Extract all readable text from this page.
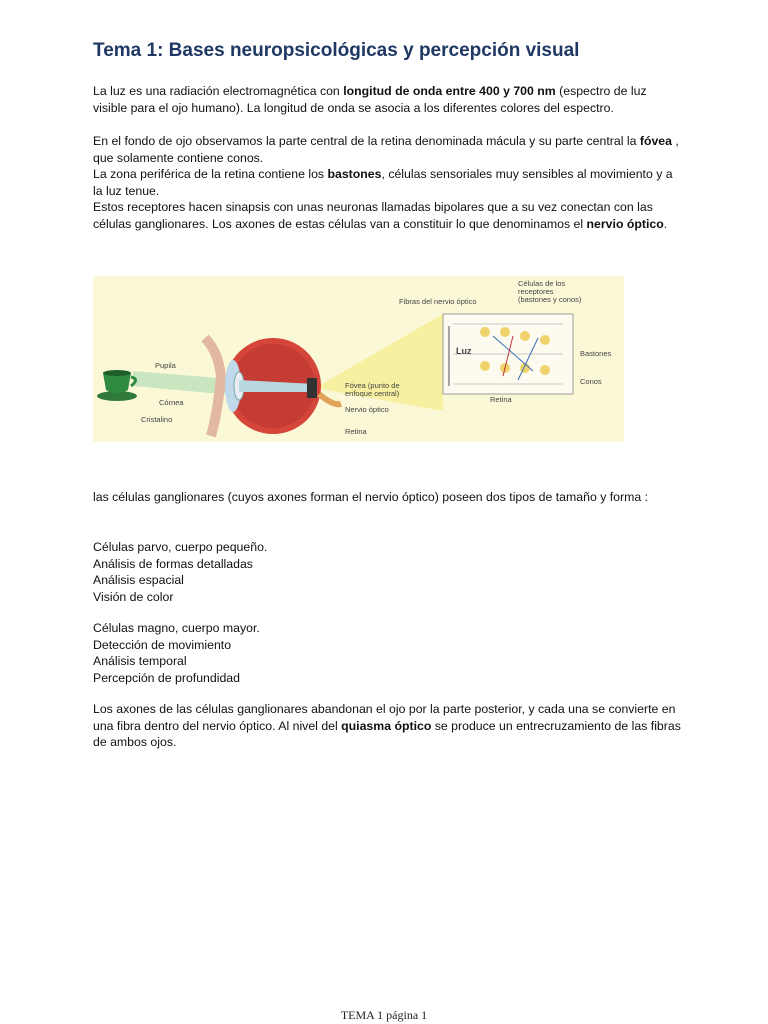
Tema 1: Bases neuropsicológicas y percepción visual

La luz es una radiación electromagnética con longitud de onda entre 400 y 700 nm (espectro de luz visible para el ojo humano). La longitud de onda se asocia a los diferentes colores del espectro.

En el fondo de ojo observamos la parte central de la retina denominada mácula y su parte central la fóvea , que solamente contiene conos.
La zona periférica de la retina contiene los bastones, células sensoriales muy sensibles al movimiento y a la luz tenue.
Estos receptores hacen sinapsis con unas neuronas llamadas bipolares que a su vez conectan con las células ganglionares. Los axones de estas células van a constituir lo que denominamos el nervio óptico.
Células de los
receptores
(bastones y conos)
Fibras del nervio óptico
Bastones
Conos
Luz
Retina
Pupila
Córnea
Cristalino
Fóvea (punto de
enfoque central)
Nervio óptico
Retina

las células ganglionares (cuyos axones forman el nervio óptico) poseen dos tipos de tamaño y forma :

Células parvo, cuerpo pequeño.
Análisis de formas detalladas
Análisis espacial
Visión de color
Células magno, cuerpo mayor.
Detección de movimiento
Análisis temporal
Percepción de profundidad

Los axones de las células ganglionares abandonan el ojo por la parte posterior, y cada una se convierte en una fibra dentro del nervio óptico. Al nivel del quiasma óptico se produce un entrecruzamiento de las fibras de ambos ojos.

TEMA 1 página 1
